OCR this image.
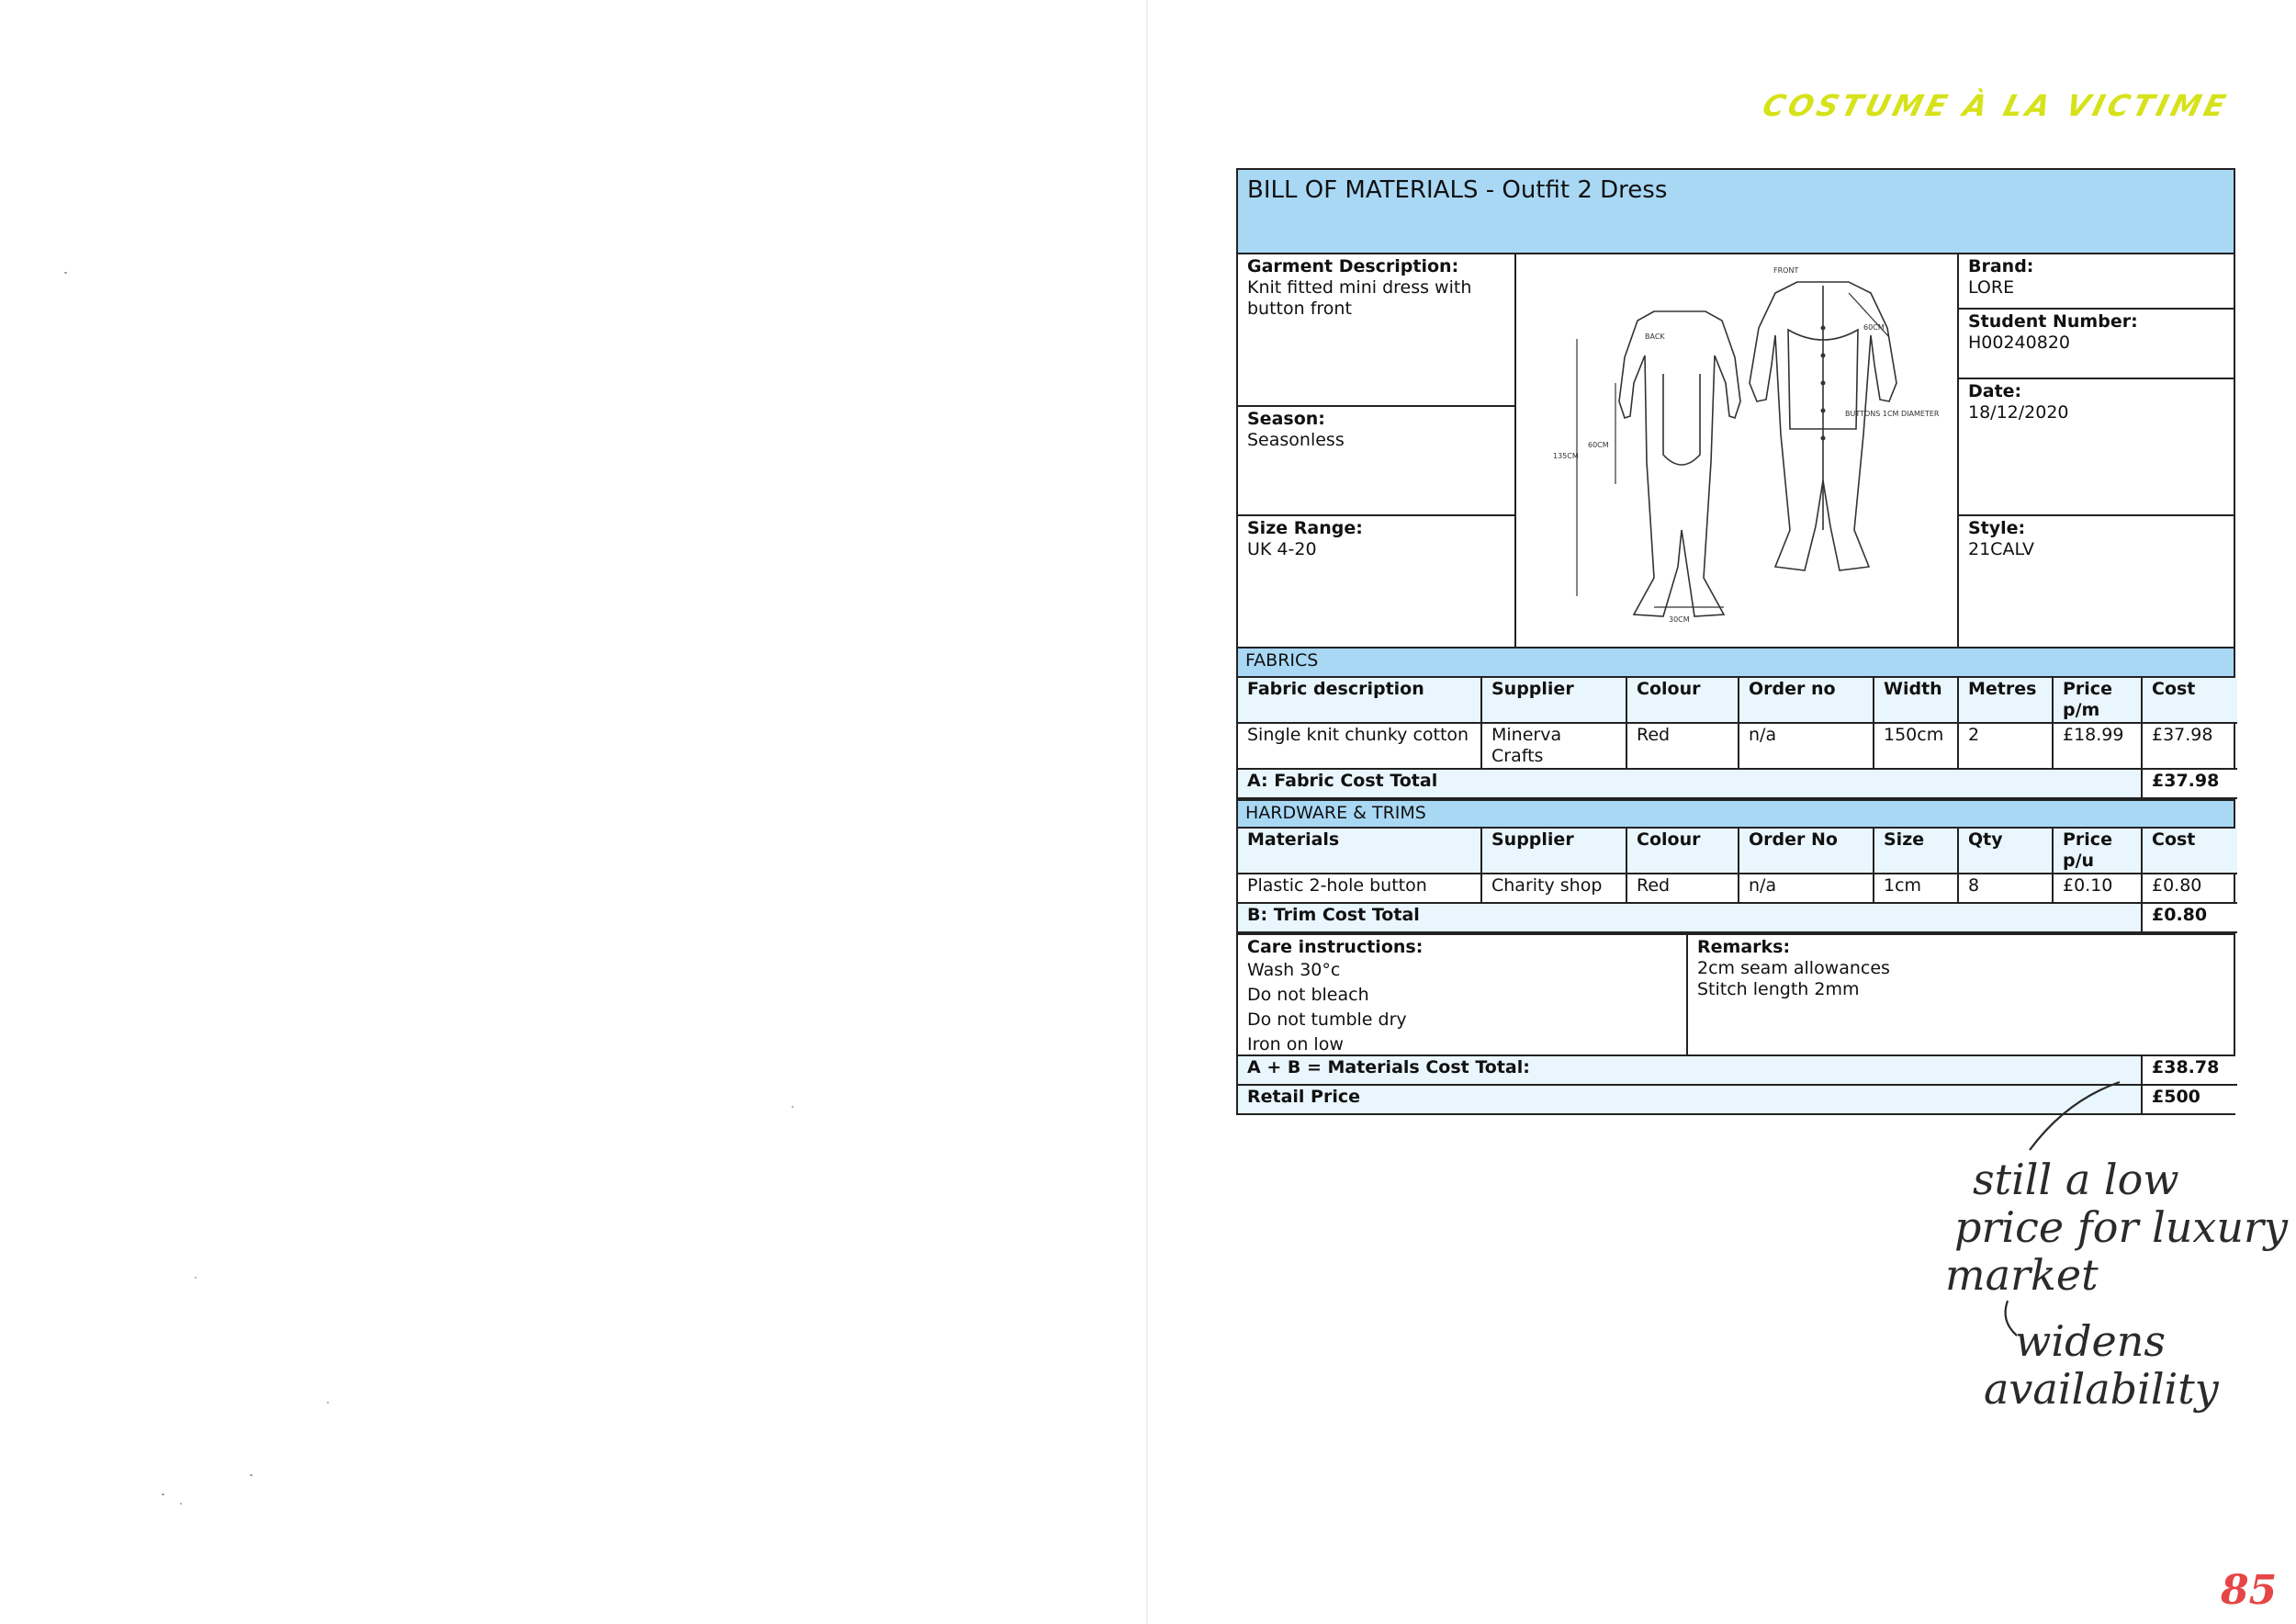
COSTUME À LA VICTIME
BILL OF MATERIALS - Outfit 2 Dress
Garment Description:
Knit fitted mini dress with button front
Season:
Seasonless
Size Range:
UK 4-20
FRONT
BACK
60CM
BUTTONS 1CM DIAMETER
60CM
135CM
30CM
Brand:
LORE
Student Number:
H00240820
Date:
18/12/2020
Style:
21CALV
FABRICS
Fabric description	Supplier	Colour	Order no	Width	Metres	Price p/m	Cost
Single knit chunky cotton	Minerva Crafts	Red	n/a	150cm	2	£18.99	£37.98
A: Fabric Cost Total							£37.98
HARDWARE & TRIMS
Materials	Supplier	Colour	Order No	Size	Qty	Price p/u	Cost
Plastic 2-hole button	Charity shop	Red	n/a	1cm	8	£0.10	£0.80
B: Trim Cost Total							£0.80
Care instructions:
Wash 30°c
Do not bleach
Do not tumble dry
Iron on low
Remarks:
2cm seam allowances
Stitch length 2mm
A + B = Materials Cost Total:	£38.78
Retail Price	£500
still a low
price for luxury
market
widens
availability
85
